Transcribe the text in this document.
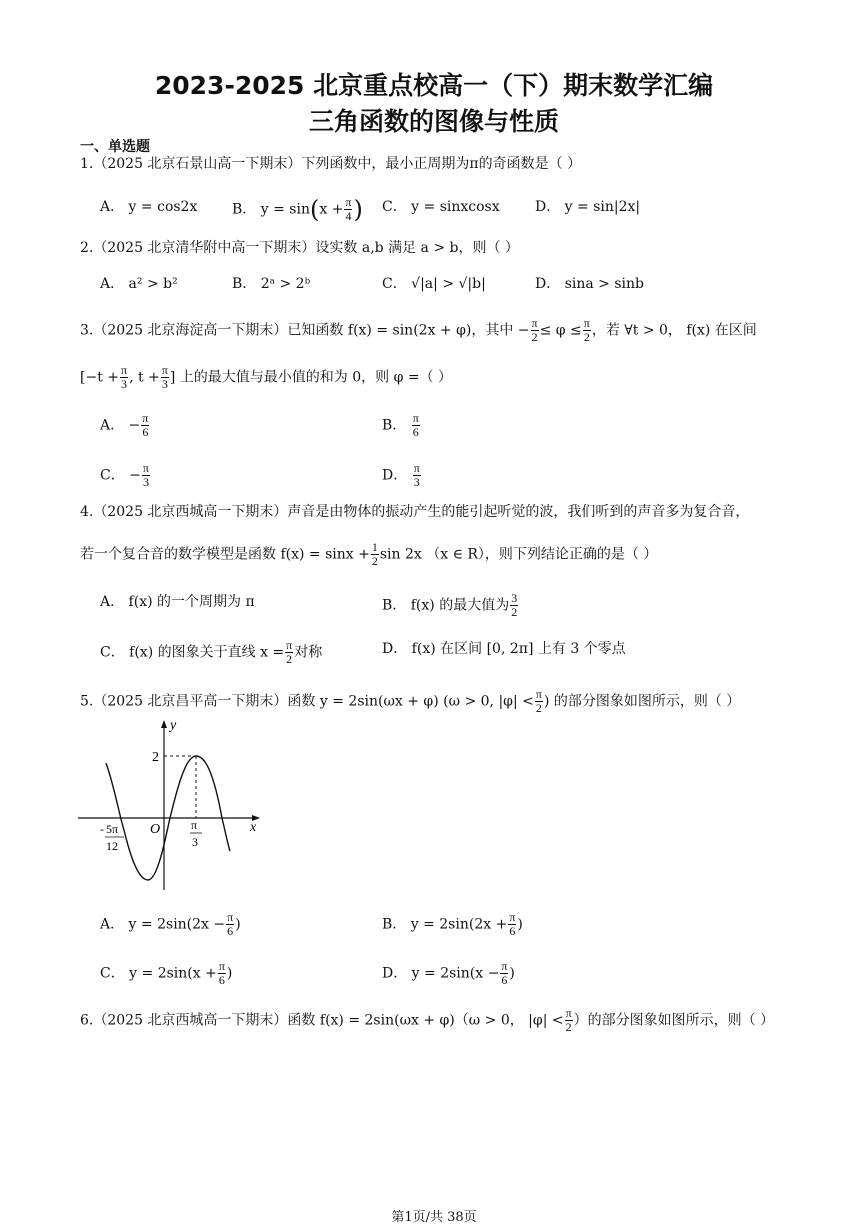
2023-2025 北京重点校高一（下）期末数学汇编
三角函数的图像与性质
一、单选题
1.（2025 北京石景山高一下期末）下列函数中，最小正周期为π的奇函数是（ ）
A． y = cos2x B． $y = \sin(x + \frac{\pi}{4}$ ) C． y = sinxcosx	D． y = sin|2x|
2.（2025 北京清华附中高一下期末）设实数 a,b 满足 a > b，则（ ）
A． a² > b²	B． 2ᵃ > 2ᵇ	C． √|a| > √|b|	D． sina > sinb
3.（2025 北京海淀高一下期末）已知函数 f(x) = sin(2x + φ)，其中 − $\frac{\pi}{2} \le \varphi \le \frac{\pi}{2}$ ，若 ∀t > 0， f(x) 在区间
[$-t + \frac{\pi}{3}$ , $t + \frac{\pi}{3}$ ] 上的最大值与最小值的和为 0，则 φ =（ ）
A． − $\frac{\pi}{6}$	B． $\frac{\pi}{6}$
C． − $\frac{\pi}{3}$	D． $\frac{\pi}{3}$
4.（2025 北京西城高一下期末）声音是由物体的振动产生的能引起听觉的波，我们听到的声音多为复合音，
若一个复合音的数学模型是函数 $f(x) = \sin x + \frac{1}{2}$ sin 2x （x ∈ R），则下列结论正确的是（ ）
A． f(x) 的一个周期为 π	B． f(x) 的最大值为 $\frac{3}{2}$
C． f(x) 的图象关于直线 $x = \frac{\pi}{2}$ 对称	D． f(x) 在区间 [0, 2π] 上有 3 个零点
5.（2025 北京昌平高一下期末）函数 y = 2sin(ωx + φ) (ω > 0, $|\varphi| < \frac{\pi}{2}$ ) 的部分图象如图所示，则（ ）
y
x
O
2
- 5π
12
π
3
A． $y = 2\sin(2x - \frac{\pi}{6}$ )	B． $y = 2\sin(2x + \frac{\pi}{6}$ )
C． $y = 2\sin(x + \frac{\pi}{6}$ )	D． $y = 2\sin(x - \frac{\pi}{6}$ )
6.（2025 北京西城高一下期末）函数 f(x) = 2sin(ωx + φ)（ω > 0， $|\varphi| < \frac{\pi}{2}$ ）的部分图象如图所示，则（ ）
第1页/共 38页
